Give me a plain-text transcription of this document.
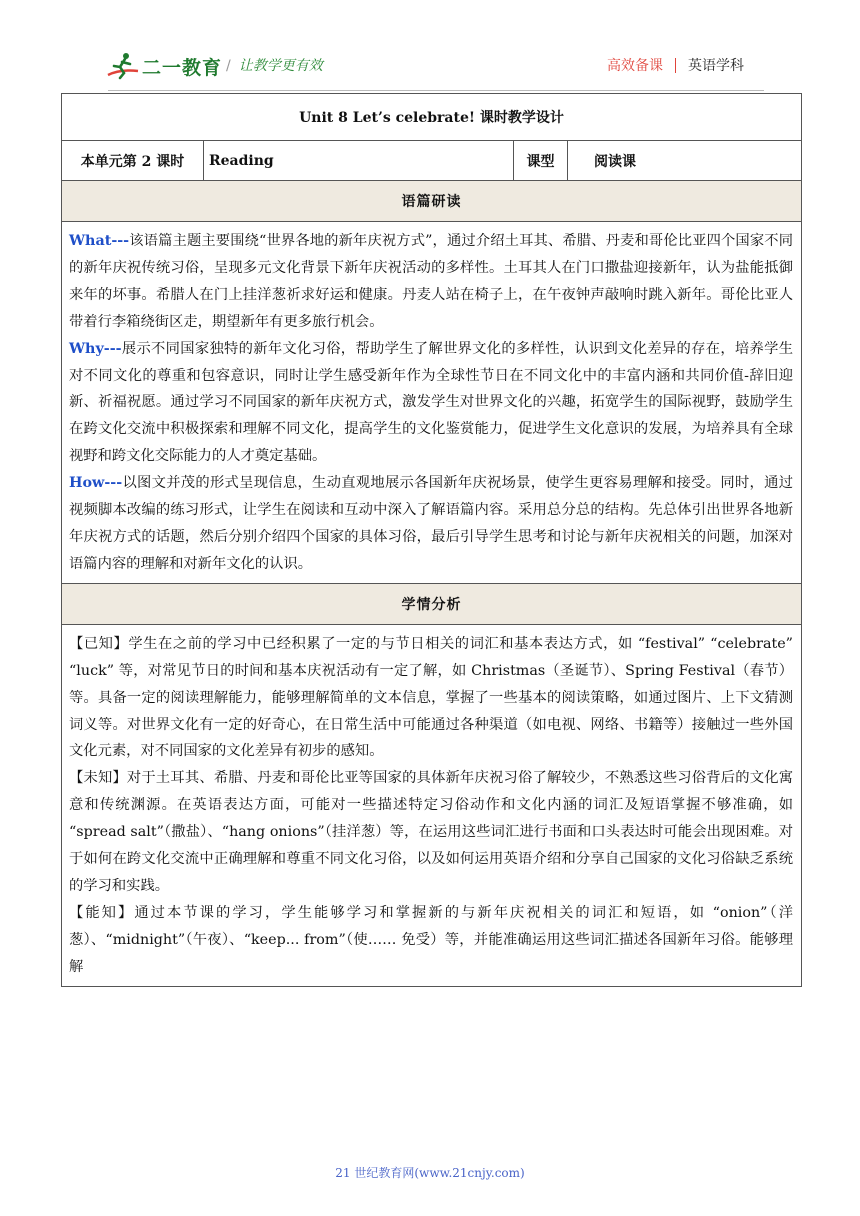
二一教育 / 让教学更有效	高效备课 英语学科
Unit 8 Let’s celebrate! 课时教学设计
本单元第 2 课时	Reading	课型	阅读课
语篇研读

What---该语篇主题主要围绕“世界各地的新年庆祝方式”，通过介绍土耳其、希腊、丹麦和哥伦比亚四个国家不同的新年庆祝传统习俗，呈现多元文化背景下新年庆祝活动的多样性。土耳其人在门口撒盐迎接新年，认为盐能抵御来年的坏事。希腊人在门上挂洋葱祈求好运和健康。丹麦人站在椅子上，在午夜钟声敲响时跳入新年。哥伦比亚人带着行李箱绕街区走，期望新年有更多旅行机会。

Why---展示不同国家独特的新年文化习俗，帮助学生了解世界文化的多样性，认识到文化差异的存在，培养学生对不同文化的尊重和包容意识，同时让学生感受新年作为全球性节日在不同文化中的丰富内涵和共同价值-辞旧迎新、祈福祝愿。通过学习不同国家的新年庆祝方式，激发学生对世界文化的兴趣，拓宽学生的国际视野，鼓励学生在跨文化交流中积极探索和理解不同文化，提高学生的文化鉴赏能力，促进学生文化意识的发展，为培养具有全球视野和跨文化交际能力的人才奠定基础。

How---以图文并茂的形式呈现信息，生动直观地展示各国新年庆祝场景，使学生更容易理解和接受。同时，通过视频脚本改编的练习形式，让学生在阅读和互动中深入了解语篇内容。采用总分总的结构。先总体引出世界各地新年庆祝方式的话题，然后分别介绍四个国家的具体习俗，最后引导学生思考和讨论与新年庆祝相关的问题，加深对语篇内容的理解和对新年文化的认识。

学情分析

【已知】学生在之前的学习中已经积累了一定的与节日相关的词汇和基本表达方式，如 “festival” “celebrate” “luck” 等，对常见节日的时间和基本庆祝活动有一定了解，如 Christmas（圣诞节）、Spring Festival（春节）等。具备一定的阅读理解能力，能够理解简单的文本信息，掌握了一些基本的阅读策略，如通过图片、上下文猜测词义等。对世界文化有一定的好奇心，在日常生活中可能通过各种渠道（如电视、网络、书籍等）接触过一些外国文化元素，对不同国家的文化差异有初步的感知。

【未知】对于土耳其、希腊、丹麦和哥伦比亚等国家的具体新年庆祝习俗了解较少，不熟悉这些习俗背后的文化寓意和传统渊源。在英语表达方面，可能对一些描述特定习俗动作和文化内涵的词汇及短语掌握不够准确，如 “spread salt”（撒盐）、“hang onions”（挂洋葱）等，在运用这些词汇进行书面和口头表达时可能会出现困难。对于如何在跨文化交流中正确理解和尊重不同文化习俗，以及如何运用英语介绍和分享自己国家的文化习俗缺乏系统的学习和实践。

【能知】通过本节课的学习，学生能够学习和掌握新的与新年庆祝相关的词汇和短语，如 “onion”（洋葱）、“midnight”（午夜）、“keep... from”（使…… 免受）等，并能准确运用这些词汇描述各国新年习俗。能够理解

21 世纪教育网(www.21cnjy.com)
